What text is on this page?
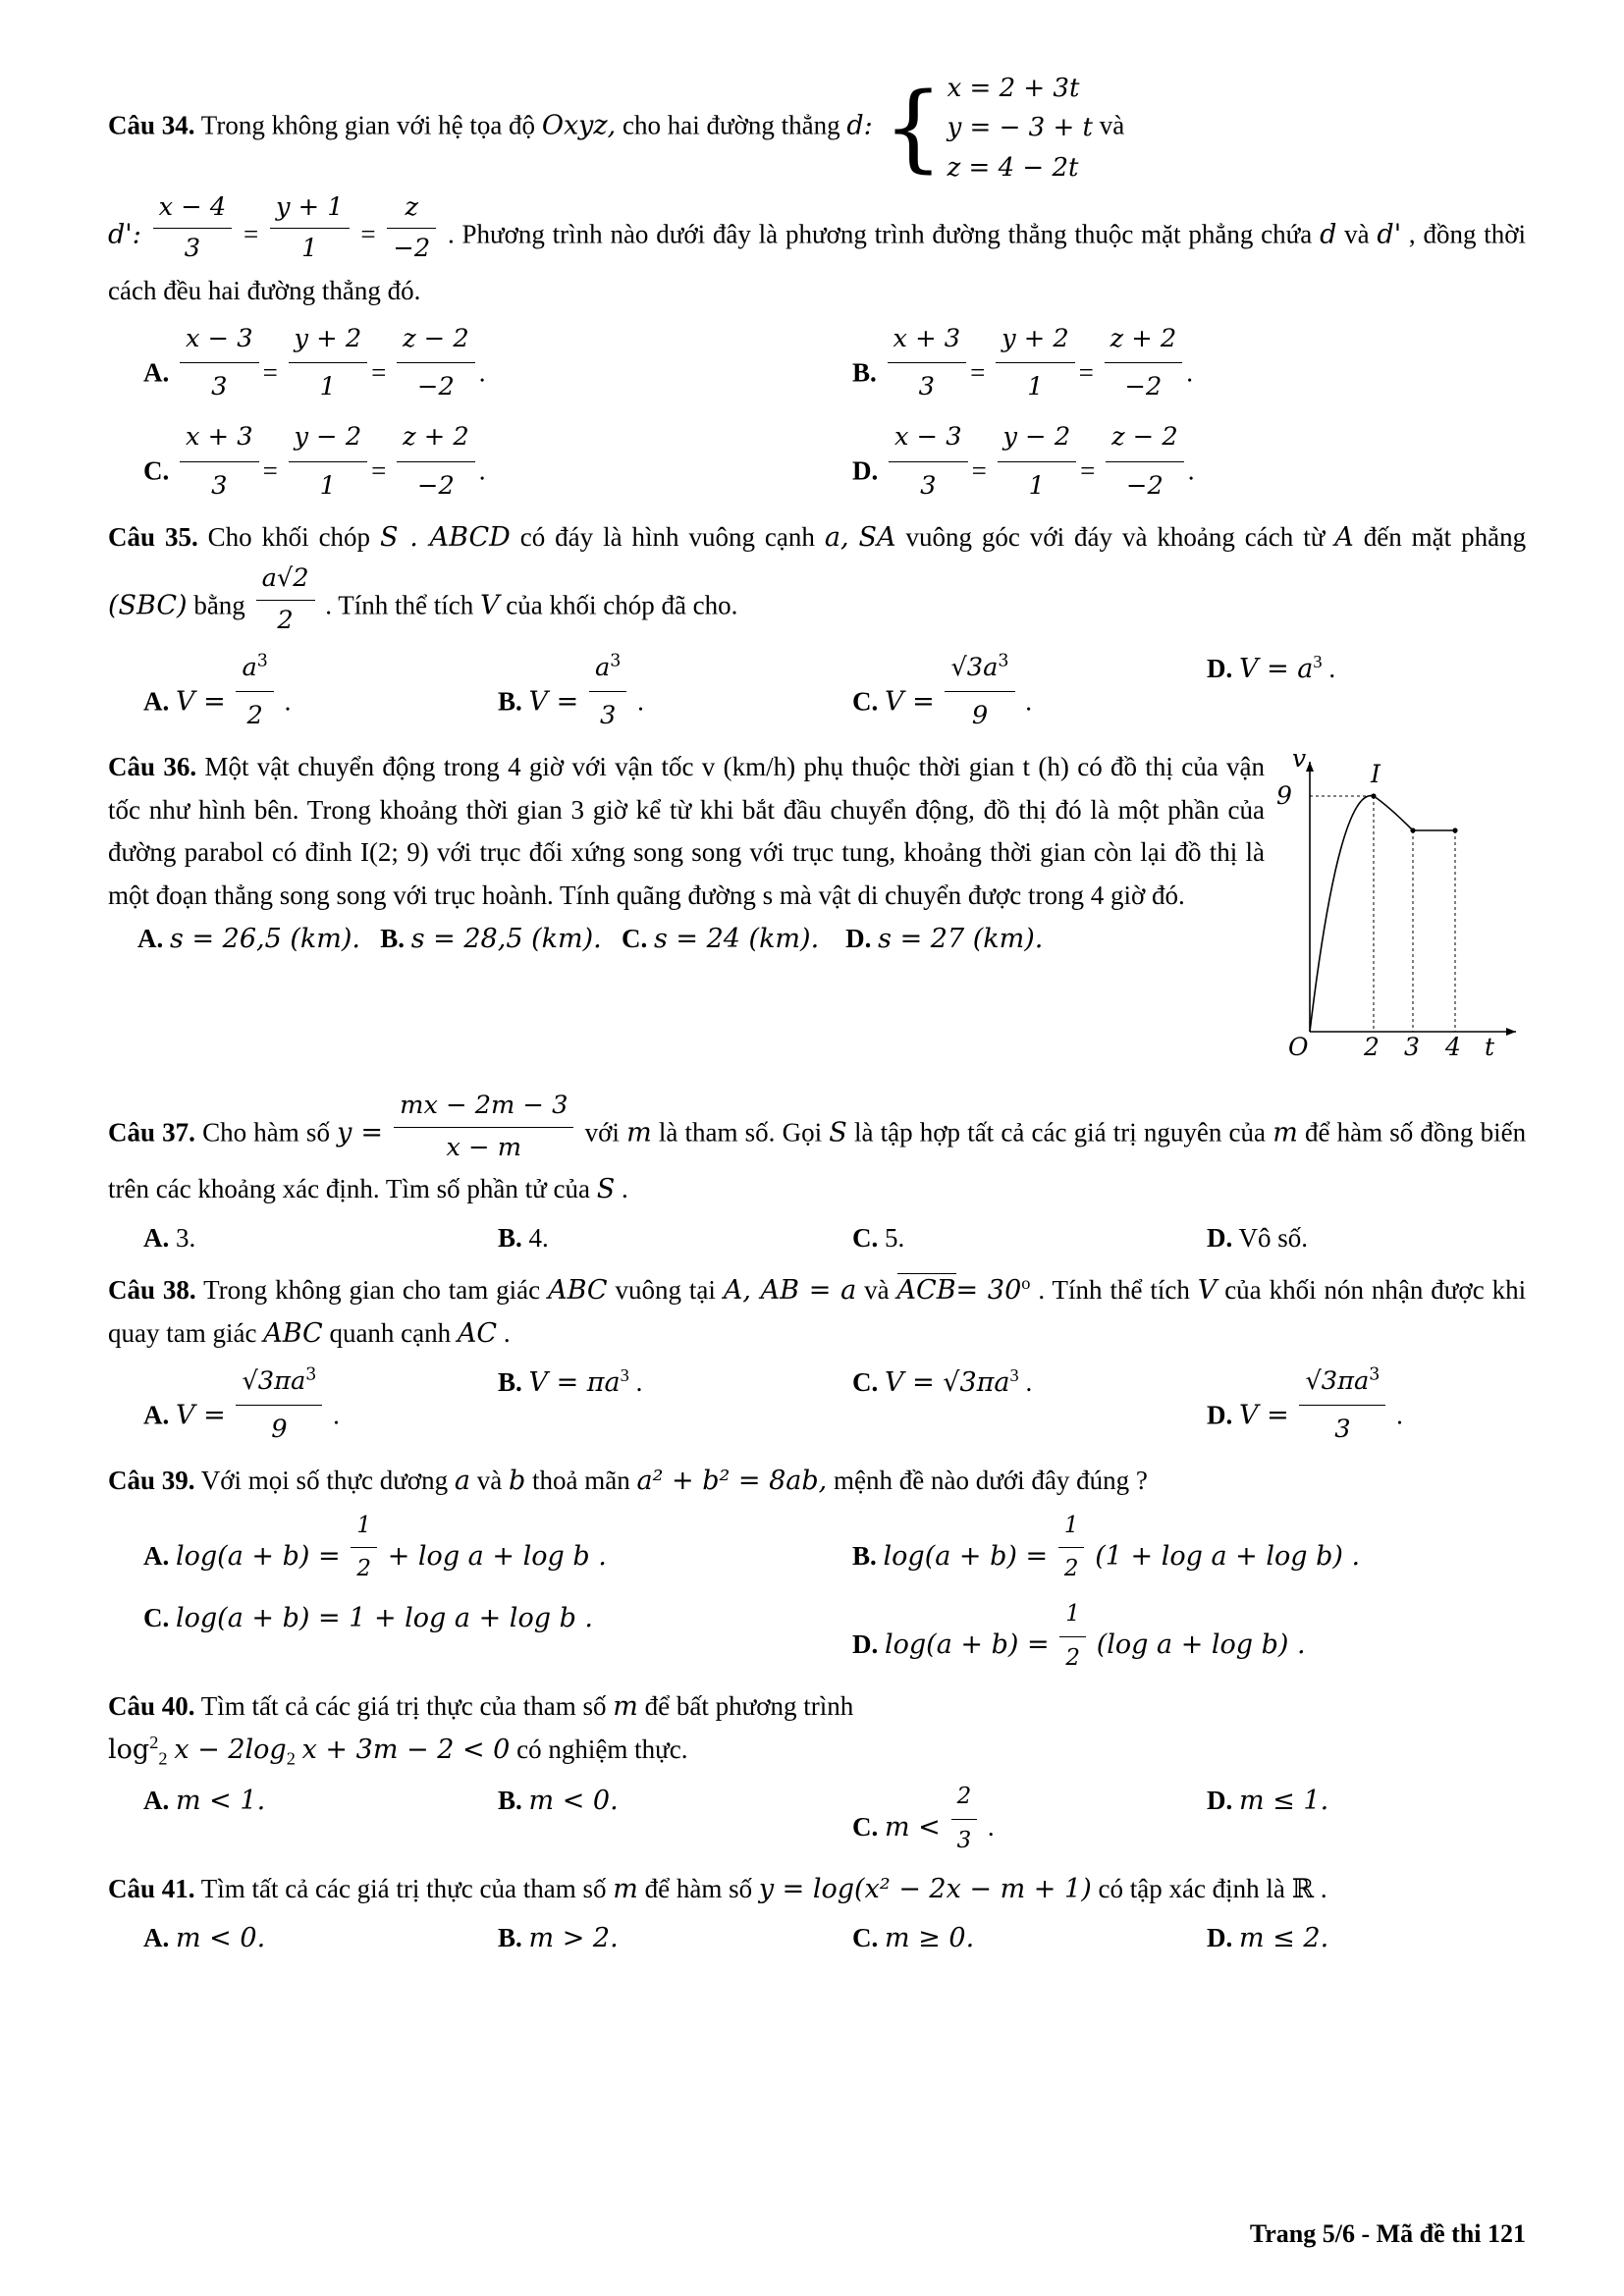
Câu 34. Trong không gian với hệ tọa độ Oxyz, cho hai đường thẳng d: { x = 2 + 3t
y = − 3 + t
z = 4 − 2t
và
d': $\frac{x - 4}{3} = \frac{y + 1}{1} = \frac{z}{-2}$ . Phương trình nào dưới đây là phương trình đường thẳng thuộc mặt phẳng chứa d và d' , đồng thời cách đều hai đường thẳng đó.
A. $\frac{x - 3}{3} = \frac{y + 2}{1} = \frac{z - 2}{-2}$ .	B. $\frac{x + 3}{3} = \frac{y + 2}{1} = \frac{z + 2}{-2}$ .
C. $\frac{x + 3}{3} = \frac{y - 2}{1} = \frac{z + 2}{-2}$ .	D. $\frac{x - 3}{3} = \frac{y - 2}{1} = \frac{z - 2}{-2}$ .
Câu 35. Cho khối chóp S . ABCD có đáy là hình vuông cạnh a, SA vuông góc với đáy và khoảng cách từ A đến mặt phẳng (SBC) bằng $\frac{a√2}{2}$ . Tính thể tích V của khối chóp đã cho.
A. $V = \frac{a^3}{2}$ .	B. $V = \frac{a^3}{3}$ .	C. $V = \frac{√3a^3}{9}$ .
D. $V = a^3$ .
v
9
I
O 2 3 4 t
Câu 36. Một vật chuyển động trong 4 giờ với vận tốc v (km/h) phụ thuộc thời gian t (h) có đồ thị của vận tốc như hình bên. Trong khoảng thời gian 3 giờ kể từ khi bắt đầu chuyển động, đồ thị đó là một phần của đường parabol có đỉnh I(2; 9) với trục đối xứng song song với trục tung, khoảng thời gian còn lại đồ thị là một đoạn thẳng song song với trục hoành. Tính quãng đường s mà vật di chuyển được trong 4 giờ đó.
A. s = 26,5 (km). B. s = 28,5 (km). C. s = 24 (km). D. s = 27 (km).
Câu 37. Cho hàm số $y = \frac{mx - 2m - 3}{x - m}$ với m là tham số. Gọi S là tập hợp tất cả các giá trị nguyên của m để hàm số đồng biến trên các khoảng xác định. Tìm số phần tử của S .
A. 3.	B. 4.	C. 5.	D. Vô số.
Câu 38. Trong không gian cho tam giác ABC vuông tại A, AB = a và $ACB= 30^o$ . Tính thể tích V của khối nón nhận được khi quay tam giác ABC quanh cạnh AC .
A. $V = \frac{√3\pi a^3}{9}$ .
B. $V = \pi a^3$ .	C. $V = √3\pi a^3$ .
D. $V = \frac{√3\pi a^3}{3}$ .
Câu 39. Với mọi số thực dương a và b thoả mãn a² + b² = 8ab, mệnh đề nào dưới đây đúng ?
A. $\log(a + b) = \frac{1}{2} + \log a + \log b$ .	B. $\log(a + b) = \frac{1}{2} (1 + \log a + \log b)$ .
C. log(a + b) = 1 + log a + log b .
D. $\log(a + b) = \frac{1}{2} (\log$ a + log b) .
Câu 40. Tìm tất cả các giá trị thực của tham số m để bất phương trình
$\log^2_2 x - 2\log_2$ x + 3m − 2 < 0 có nghiệm thực.
A. m < 1.	B. m < 0.
C. $m < \frac{2}{3}$ .
D. m ≤ 1.
Câu 41. Tìm tất cả các giá trị thực của tham số m để hàm số y = log(x² − 2x − m + 1) có tập xác định là ℝ .
A. m < 0.	B. m > 2.	C. m ≥ 0.	D. m ≤ 2.
Trang 5/6 - Mã đề thi 121
